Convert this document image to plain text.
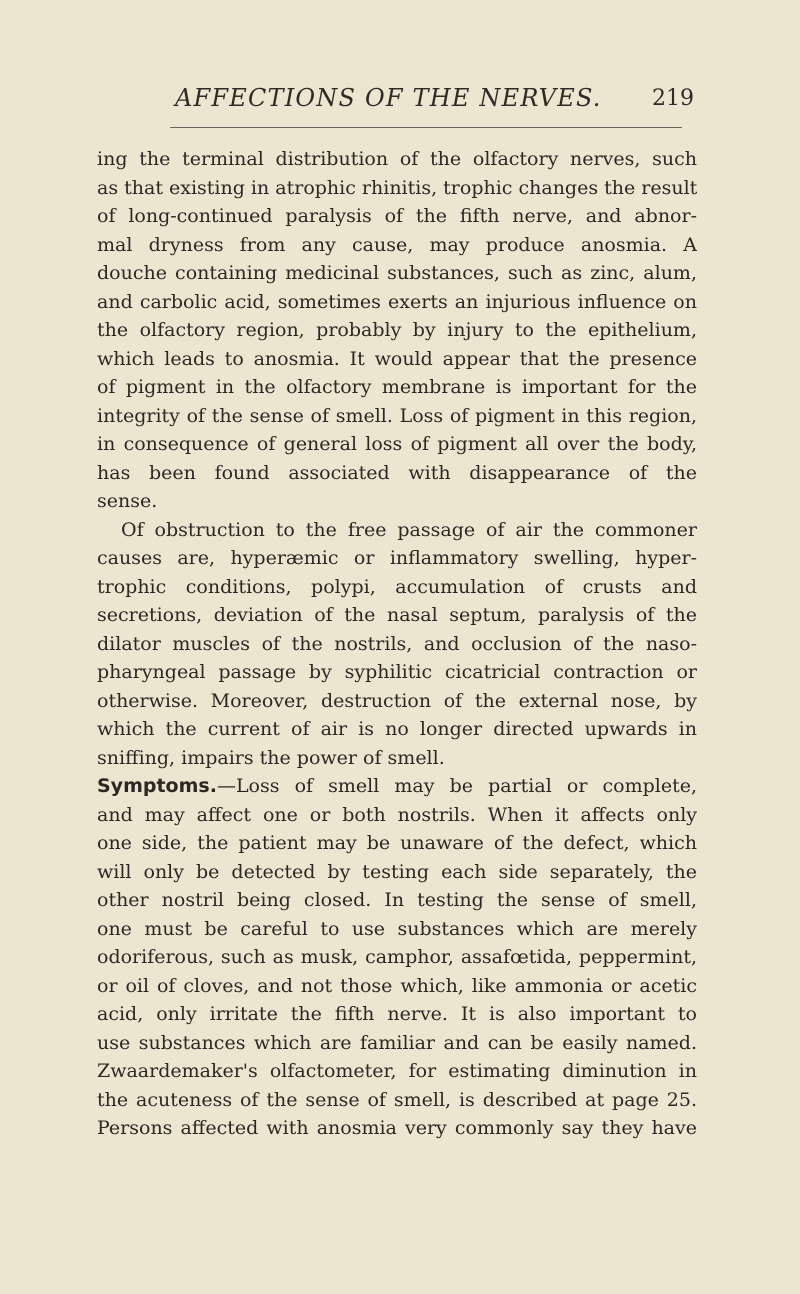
AFFECTIONS OF THE NERVES. 219
ing the terminal distribution of the olfactory nerves, such
as that existing in atrophic rhinitis, trophic changes the result
of long-continued paralysis of the fifth nerve, and abnor-
mal dryness from any cause, may produce anosmia. A
douche containing medicinal substances, such as zinc, alum,
and carbolic acid, sometimes exerts an injurious influence on
the olfactory region, probably by injury to the epithelium,
which leads to anosmia. It would appear that the presence
of pigment in the olfactory membrane is important for the
integrity of the sense of smell. Loss of pigment in this region,
in consequence of general loss of pigment all over the body,
has been found associated with disappearance of the
sense.
Of obstruction to the free passage of air the commoner
causes are, hyperæmic or inflammatory swelling, hyper-
trophic conditions, polypi, accumulation of crusts and
secretions, deviation of the nasal septum, paralysis of the
dilator muscles of the nostrils, and occlusion of the naso-
pharyngeal passage by syphilitic cicatricial contraction or
otherwise. Moreover, destruction of the external nose, by
which the current of air is no longer directed upwards in
sniffing, impairs the power of smell.
Symptoms.—Loss of smell may be partial or complete,
and may affect one or both nostrils. When it affects only
one side, the patient may be unaware of the defect, which
will only be detected by testing each side separately, the
other nostril being closed. In testing the sense of smell,
one must be careful to use substances which are merely
odoriferous, such as musk, camphor, assafœtida, peppermint,
or oil of cloves, and not those which, like ammonia or acetic
acid, only irritate the fifth nerve. It is also important to
use substances which are familiar and can be easily named.
Zwaardemaker's olfactometer, for estimating diminution in
the acuteness of the sense of smell, is described at page 25.
Persons affected with anosmia very commonly say they have
